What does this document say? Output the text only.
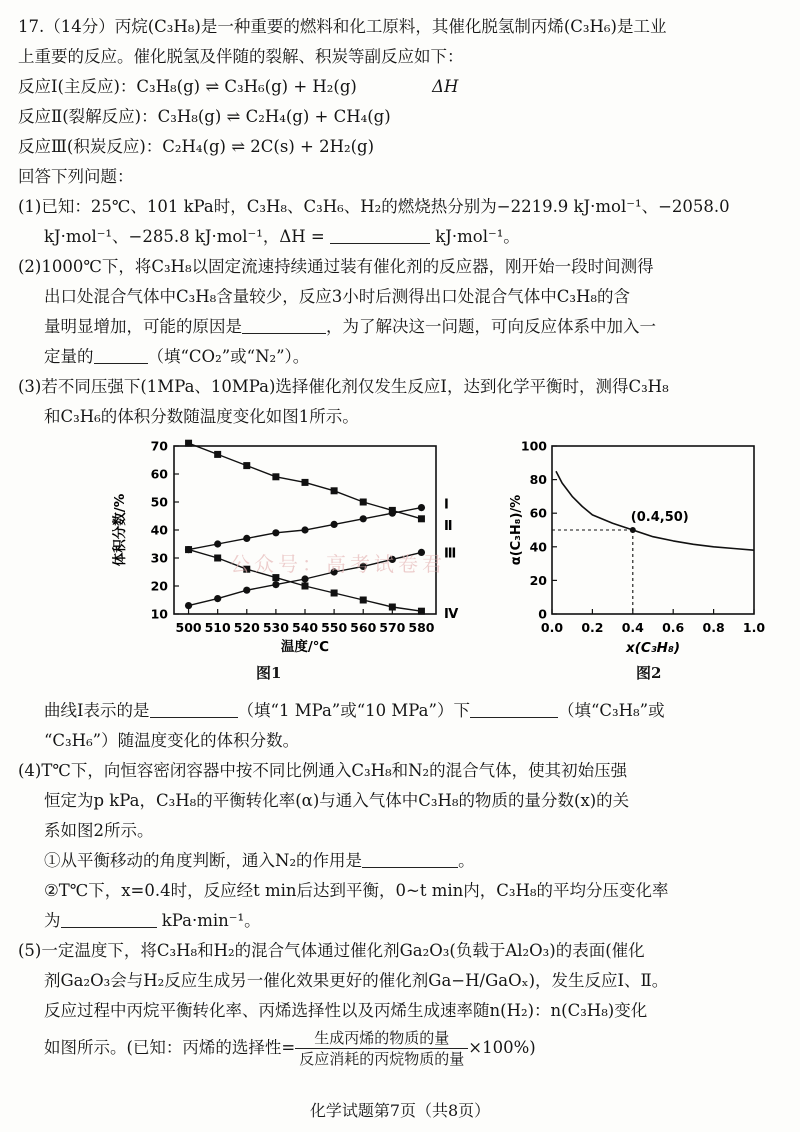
17.（14分）丙烷(C₃H₈)是一种重要的燃料和化工原料，其催化脱氢制丙烯(C₃H₆)是工业

上重要的反应。催化脱氢及伴随的裂解、积炭等副反应如下：

反应Ⅰ(主反应)：C₃H₈(g) ⇌ C₃H₆(g) + H₂(g)	ΔH

反应Ⅱ(裂解反应)：C₃H₈(g) ⇌ C₂H₄(g) + CH₄(g)

反应Ⅲ(积炭反应)：C₂H₄(g) ⇌ 2C(s) + 2H₂(g)

回答下列问题：

(1)已知：25℃、101 kPa时，C₃H₈、C₃H₆、H₂的燃烧热分别为−2219.9 kJ·mol⁻¹、−2058.0

kJ·mol⁻¹、−285.8 kJ·mol⁻¹，ΔH =	kJ·mol⁻¹。

(2)1000℃下，将C₃H₈以固定流速持续通过装有催化剂的反应器，刚开始一段时间测得

出口处混合气体中C₃H₈含量较少，反应3小时后测得出口处混合气体中C₃H₈的含

量明显增加，可能的原因是	，为了解决这一问题，可向反应体系中加入一

定量的	（填“CO₂”或“N₂”）。

(3)若不同压强下(1MPa、10MPa)选择催化剂仅发生反应Ⅰ，达到化学平衡时，测得C₃H₈

和C₃H₆的体积分数随温度变化如图1所示。

500 510 520 530 540 550 560 570 580
10
20
30
40
50
60
70
温度/℃
体积分数/%	Ⅰ
Ⅱ
Ⅲ
Ⅳ
0.0 0.2 0.4 0.6 0.8 1.0
0
20
40
60
80
100
x(C₃H₈)
α(C₃H₈)/%	(0.4,50)
图1	图2

曲线Ⅰ表示的是	（填“1 MPa”或“10 MPa”）下	（填“C₃H₈”或

“C₃H₆”）随温度变化的体积分数。

(4)T℃下，向恒容密闭容器中按不同比例通入C₃H₈和N₂的混合气体，使其初始压强

恒定为p kPa，C₃H₈的平衡转化率(α)与通入气体中C₃H₈的物质的量分数(x)的关

系如图2所示。

①从平衡移动的角度判断，通入N₂的作用是	。

②T℃下，x=0.4时，反应经t min后达到平衡，0~t min内，C₃H₈的平均分压变化率

为	kPa·min⁻¹。

(5)一定温度下，将C₃H₈和H₂的混合气体通过催化剂Ga₂O₃(负载于Al₂O₃)的表面(催化

剂Ga₂O₃会与H₂反应生成另一催化效果更好的催化剂Ga−H/GaOₓ)，发生反应Ⅰ、Ⅱ。

反应过程中丙烷平衡转化率、丙烯选择性以及丙烯生成速率随n(H₂)：n(C₃H₈)变化

如图所示。(已知：丙烯的选择性= $\frac{\text{生成丙烯的物质的量}}{\text{反应消耗的丙烷物质的量}} \times 100\%$)

公众号：高考试卷君
化学试题第7页（共8页）
